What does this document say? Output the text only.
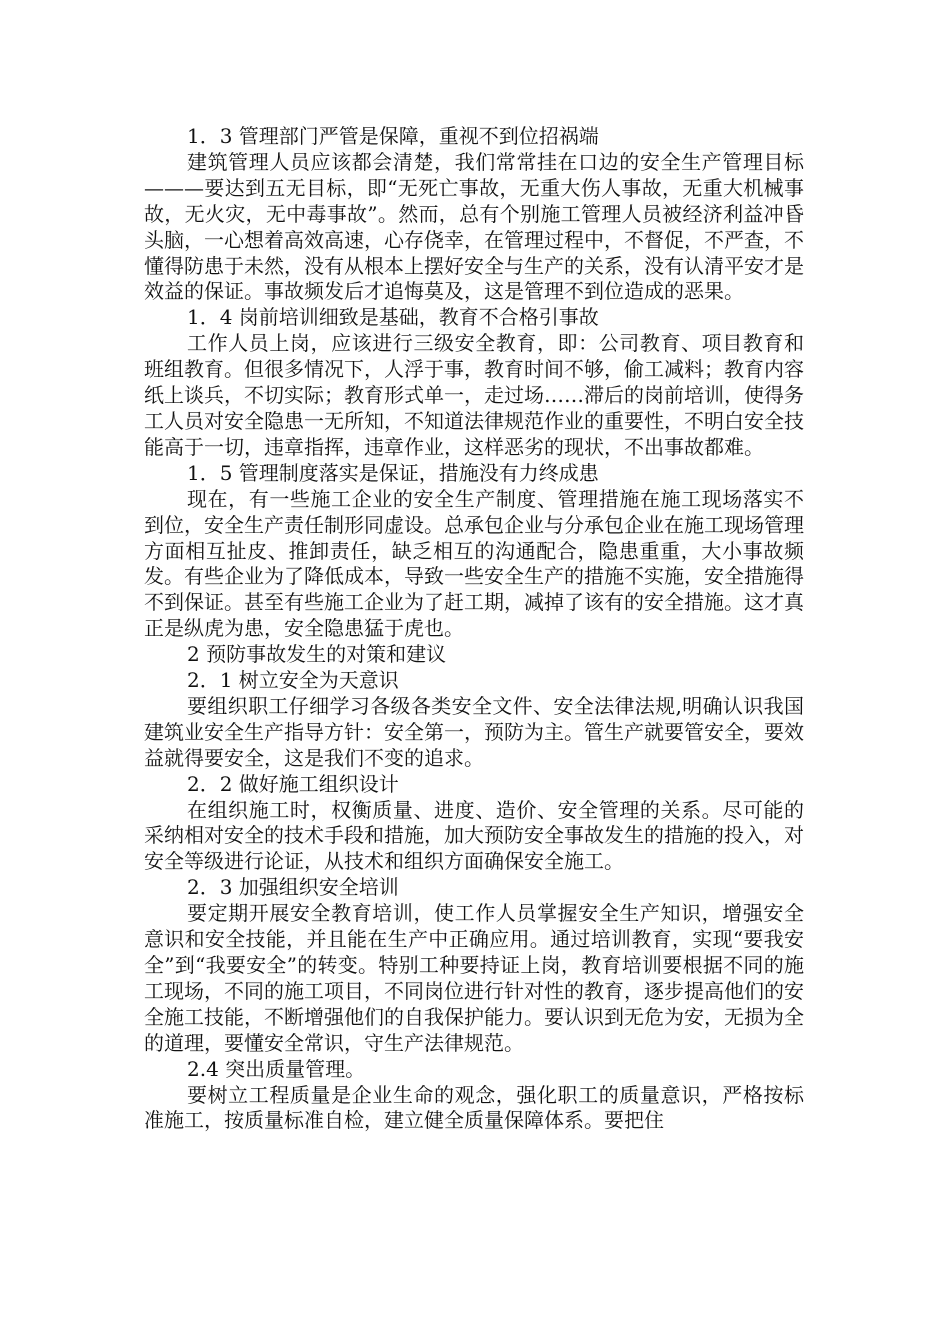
1．3 管理部门严管是保障，重视不到位招祸端

建筑管理人员应该都会清楚，我们常常挂在口边的安全生产管理目标———要达到五无目标，即“无死亡事故，无重大伤人事故，无重大机械事故，无火灾，无中毒事故”。然而，总有个别施工管理人员被经济利益冲昏头脑，一心想着高效高速，心存侥幸，在管理过程中，不督促，不严查，不懂得防患于未然，没有从根本上摆好安全与生产的关系，没有认清平安才是效益的保证。事故频发后才追悔莫及，这是管理不到位造成的恶果。

1．4 岗前培训细致是基础，教育不合格引事故

工作人员上岗，应该进行三级安全教育，即：公司教育、项目教育和班组教育。但很多情况下，人浮于事，教育时间不够，偷工减料；教育内容纸上谈兵，不切实际；教育形式单一，走过场……滞后的岗前培训，使得务工人员对安全隐患一无所知，不知道法律规范作业的重要性，不明白安全技能高于一切，违章指挥，违章作业，这样恶劣的现状，不出事故都难。

1．5 管理制度落实是保证，措施没有力终成患

现在，有一些施工企业的安全生产制度、管理措施在施工现场落实不到位，安全生产责任制形同虚设。总承包企业与分承包企业在施工现场管理方面相互扯皮、推卸责任，缺乏相互的沟通配合，隐患重重，大小事故频发。有些企业为了降低成本，导致一些安全生产的措施不实施，安全措施得不到保证。甚至有些施工企业为了赶工期，减掉了该有的安全措施。这才真正是纵虎为患，安全隐患猛于虎也。

2 预防事故发生的对策和建议

2．1 树立安全为天意识

要组织职工仔细学习各级各类安全文件、安全法律法规,明确认识我国建筑业安全生产指导方针：安全第一，预防为主。管生产就要管安全，要效益就得要安全，这是我们不变的追求。

2．2 做好施工组织设计

在组织施工时，权衡质量、进度、造价、安全管理的关系。尽可能的采纳相对安全的技术手段和措施，加大预防安全事故发生的措施的投入，对安全等级进行论证，从技术和组织方面确保安全施工。

2．3 加强组织安全培训

要定期开展安全教育培训，使工作人员掌握安全生产知识，增强安全意识和安全技能，并且能在生产中正确应用。通过培训教育，实现“要我安全”到“我要安全”的转变。特别工种要持证上岗，教育培训要根据不同的施工现场，不同的施工项目，不同岗位进行针对性的教育，逐步提高他们的安全施工技能，不断增强他们的自我保护能力。要认识到无危为安，无损为全的道理，要懂安全常识，守生产法律规范。

2.4 突出质量管理。

要树立工程质量是企业生命的观念，强化职工的质量意识，严格按标准施工，按质量标准自检，建立健全质量保障体系。要把住
